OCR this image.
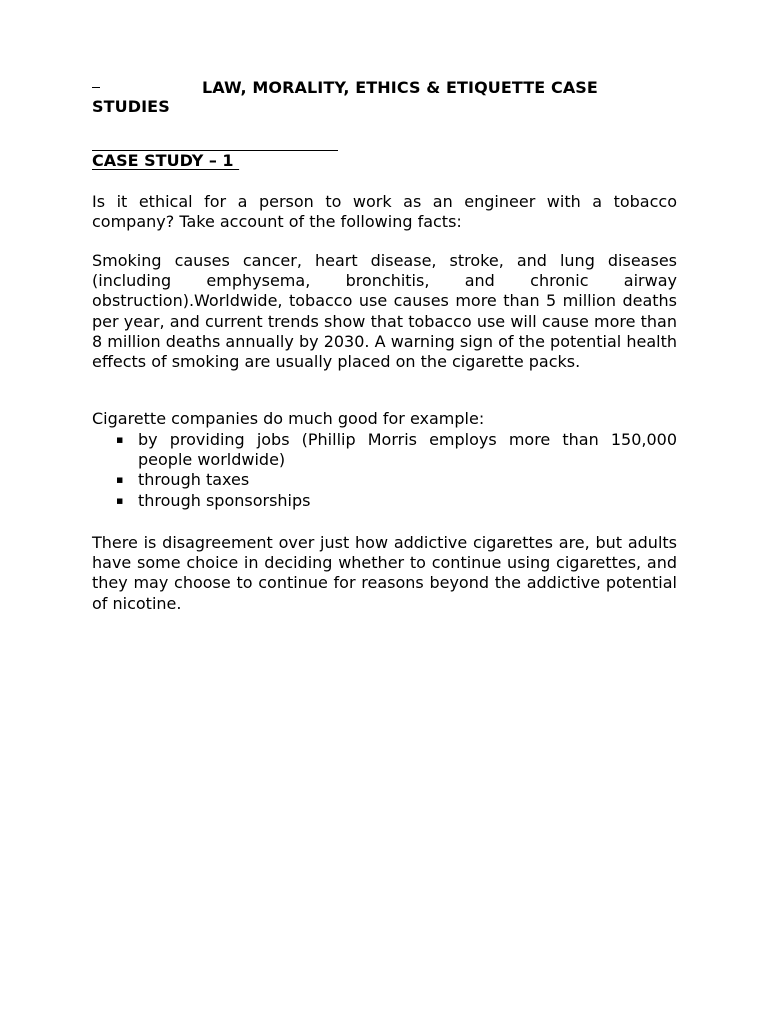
LAW, MORALITY, ETHICS & ETIQUETTE CASE
STUDIES
CASE STUDY – 1

Is it ethical for a person to work as an engineer with a tobacco company? Take account of the following facts:

Smoking causes cancer, heart disease, stroke, and lung diseases (including emphysema, bronchitis, and chronic airway obstruction).Worldwide, tobacco use causes more than 5 million deaths per year, and current trends show that tobacco use will cause more than 8 million deaths annually by 2030. A warning sign of the potential health effects of smoking are usually placed on the cigarette packs.

Cigarette companies do much good for example:

▪ by providing jobs (Phillip Morris employs more than 150,000 people worldwide)
▪ through taxes
▪ through sponsorships

There is disagreement over just how addictive cigarettes are, but adults have some choice in deciding whether to continue using cigarettes, and they may choose to continue for reasons beyond the addictive potential of nicotine.
